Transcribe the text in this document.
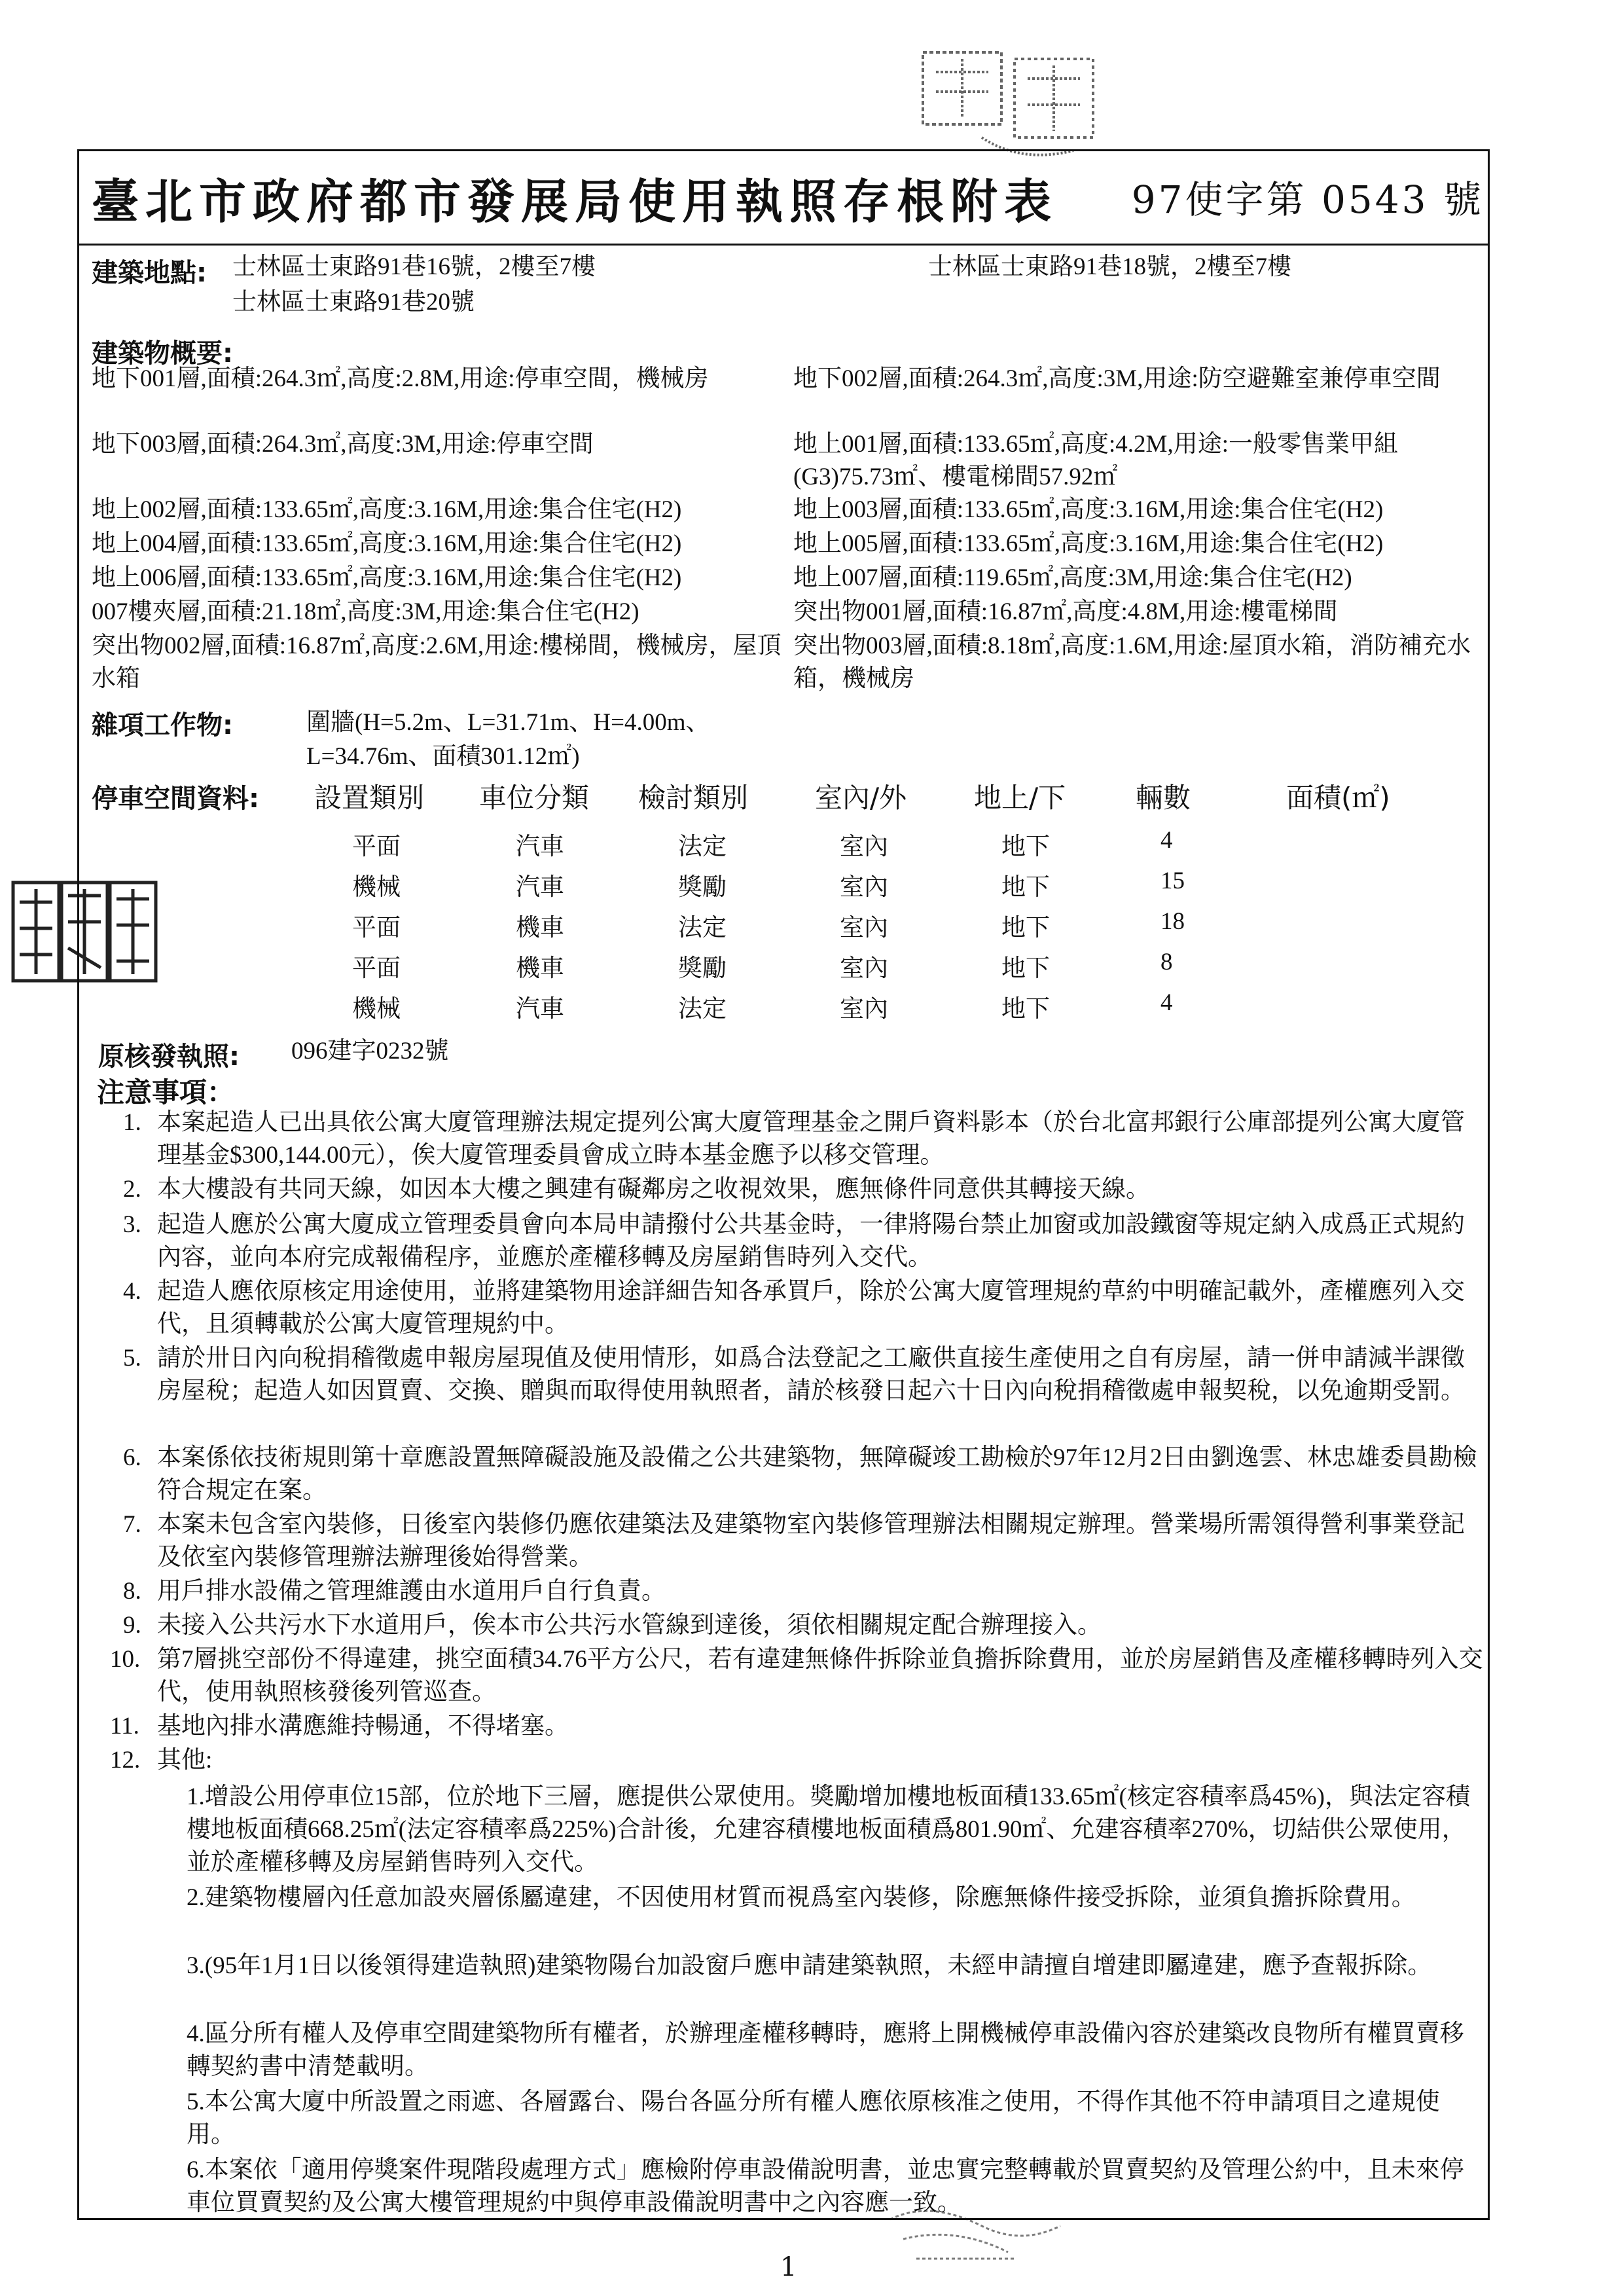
臺北市政府都市發展局使用執照存根附表 97使字第 0543 號
建築地點: 士林區士東路91巷16號，2樓至7樓	士林區士東路91巷18號，2樓至7樓
士林區士東路91巷20號
建築物概要:
地下001層,面積:264.3㎡,高度:2.8M,用途:停車空間，機械房	地下002層,面積:264.3㎡,高度:3M,用途:防空避難室兼停車空間
地下003層,面積:264.3㎡,高度:3M,用途:停車空間	地上001層,面積:133.65㎡,高度:4.2M,用途:一般零售業甲組(G3)75.73㎡、樓電梯間57.92㎡
地上002層,面積:133.65㎡,高度:3.16M,用途:集合住宅(H2)	地上003層,面積:133.65㎡,高度:3.16M,用途:集合住宅(H2)
地上004層,面積:133.65㎡,高度:3.16M,用途:集合住宅(H2)	地上005層,面積:133.65㎡,高度:3.16M,用途:集合住宅(H2)
地上006層,面積:133.65㎡,高度:3.16M,用途:集合住宅(H2)	地上007層,面積:119.65㎡,高度:3M,用途:集合住宅(H2)
007樓夾層,面積:21.18㎡,高度:3M,用途:集合住宅(H2)	突出物001層,面積:16.87㎡,高度:4.8M,用途:樓電梯間
突出物002層,面積:16.87㎡,高度:2.6M,用途:樓梯間，機械房，屋頂水箱
突出物003層,面積:8.18㎡,高度:1.6M,用途:屋頂水箱，消防補充水箱，機械房
雜項工作物:	圍牆(H=5.2m、L=31.71m、H=4.00m、L=34.76m、面積301.12㎡)
停車空間資料: 設置類別 車位分類 檢討類別 室內/外 地上/下	輛數	面積(㎡)
平面	汽車	法定	室內	地下	4
機械	汽車	獎勵	室內	地下	15
平面	機車	法定	室內	地下	18
平面	機車	獎勵	室內	地下	8
機械	汽車	法定	室內	地下	4
原核發執照: 096建字0232號
注意事項：
1. 本案起造人已出具依公寓大廈管理辦法規定提列公寓大廈管理基金之開戶資料影本（於台北富邦銀行公庫部提列公寓大廈管理基金$300,144.00元），俟大廈管理委員會成立時本基金應予以移交管理。
2. 本大樓設有共同天線，如因本大樓之興建有礙鄰房之收視效果，應無條件同意供其轉接天線。
3. 起造人應於公寓大廈成立管理委員會向本局申請撥付公共基金時，一律將陽台禁止加窗或加設鐵窗等規定納入成爲正式規約內容，並向本府完成報備程序，並應於產權移轉及房屋銷售時列入交代。
4. 起造人應依原核定用途使用，並將建築物用途詳細告知各承買戶，除於公寓大廈管理規約草約中明確記載外，產權應列入交代，且須轉載於公寓大廈管理規約中。
5. 請於卅日內向稅捐稽徵處申報房屋現值及使用情形，如爲合法登記之工廠供直接生產使用之自有房屋，請一併申請減半課徵房屋稅；起造人如因買賣、交換、贈與而取得使用執照者，請於核發日起六十日內向稅捐稽徵處申報契稅，以免逾期受罰。
6. 本案係依技術規則第十章應設置無障礙設施及設備之公共建築物，無障礙竣工勘檢於97年12月2日由劉逸雲、林忠雄委員勘檢符合規定在案。
7. 本案未包含室內裝修，日後室內裝修仍應依建築法及建築物室內裝修管理辦法相關規定辦理。營業場所需領得營利事業登記及依室內裝修管理辦法辦理後始得營業。
8. 用戶排水設備之管理維護由水道用戶自行負責。
9. 未接入公共污水下水道用戶，俟本市公共污水管線到達後，須依相關規定配合辦理接入。
10. 第7層挑空部份不得違建，挑空面積34.76平方公尺，若有違建無條件拆除並負擔拆除費用，並於房屋銷售及產權移轉時列入交代，使用執照核發後列管巡查。
11. 基地內排水溝應維持暢通，不得堵塞。
12. 其他:
1.增設公用停車位15部，位於地下三層，應提供公眾使用。獎勵增加樓地板面積133.65㎡(核定容積率爲45%)，與法定容積樓地板面積668.25㎡(法定容積率爲225%)合計後，允建容積樓地板面積爲801.90㎡、允建容積率270%，切結供公眾使用，並於產權移轉及房屋銷售時列入交代。
2.建築物樓層內任意加設夾層係屬違建，不因使用材質而視爲室內裝修，除應無條件接受拆除，並須負擔拆除費用。
3.(95年1月1日以後領得建造執照)建築物陽台加設窗戶應申請建築執照，未經申請擅自增建即屬違建，應予查報拆除。
4.區分所有權人及停車空間建築物所有權者，於辦理產權移轉時，應將上開機械停車設備內容於建築改良物所有權買賣移轉契約書中清楚載明。
5.本公寓大廈中所設置之雨遮、各層露台、陽台各區分所有權人應依原核准之使用，不得作其他不符申請項目之違規使用。
6.本案依「適用停獎案件現階段處理方式」應檢附停車設備說明書，並忠實完整轉載於買賣契約及管理公約中，且未來停車位買賣契約及公寓大樓管理規約中與停車設備說明書中之內容應一致。
1
